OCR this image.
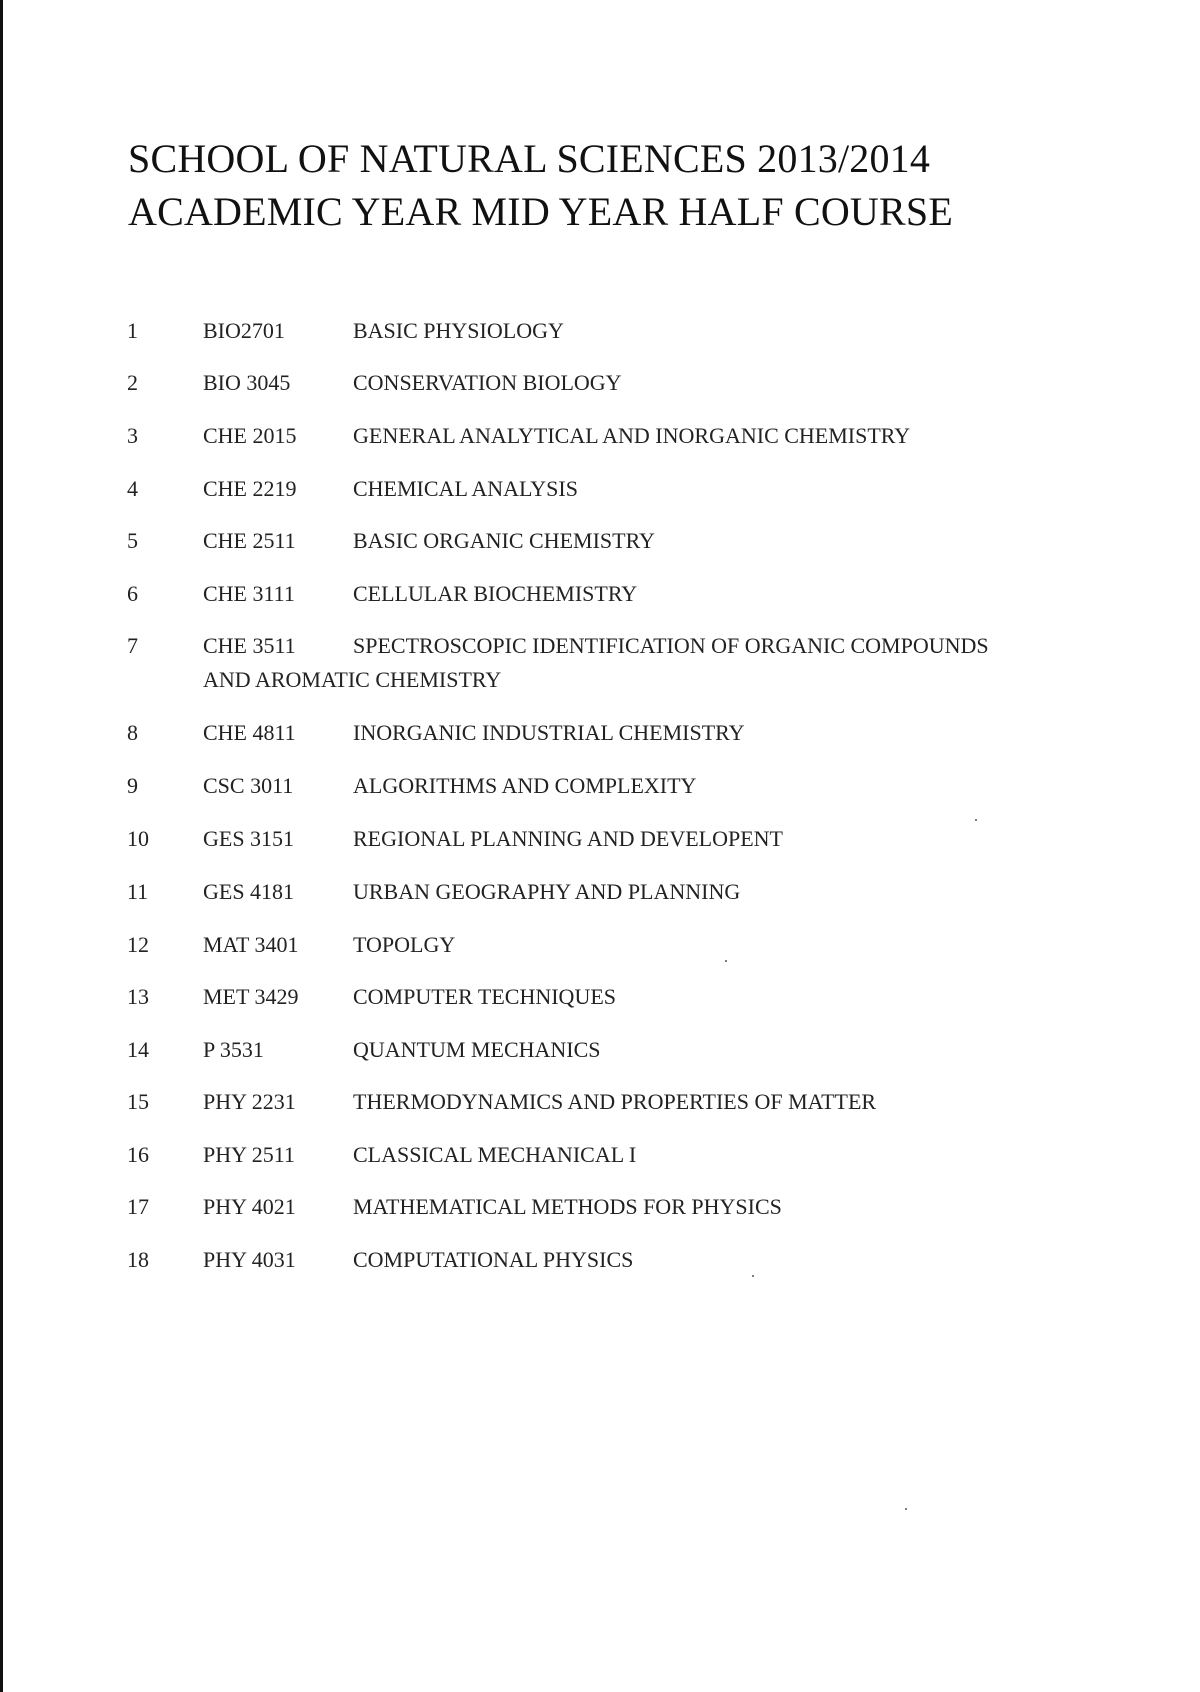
SCHOOL OF NATURAL SCIENCES 2013/2014
ACADEMIC YEAR MID YEAR HALF COURSE
1	BIO2701	BASIC PHYSIOLOGY
2	BIO 3045	CONSERVATION BIOLOGY
3	CHE 2015	GENERAL ANALYTICAL AND INORGANIC CHEMISTRY
4	CHE 2219	CHEMICAL ANALYSIS
5	CHE 2511	BASIC ORGANIC CHEMISTRY
6	CHE 3111	CELLULAR BIOCHEMISTRY
7	CHE 3511	SPECTROSCOPIC IDENTIFICATION OF ORGANIC COMPOUNDS
AND AROMATIC CHEMISTRY
8	CHE 4811	INORGANIC INDUSTRIAL CHEMISTRY
9	CSC 3011	ALGORITHMS AND COMPLEXITY
10 GES 3151	REGIONAL PLANNING AND DEVELOPENT
11 GES 4181	URBAN GEOGRAPHY AND PLANNING
12 MAT 3401 TOPOLGY
13 MET 3429 COMPUTER TECHNIQUES
14 P 3531	QUANTUM MECHANICS
15 PHY 2231	THERMODYNAMICS AND PROPERTIES OF MATTER
16 PHY 2511	CLASSICAL MECHANICAL I
17 PHY 4021	MATHEMATICAL METHODS FOR PHYSICS
18 PHY 4031	COMPUTATIONAL PHYSICS
